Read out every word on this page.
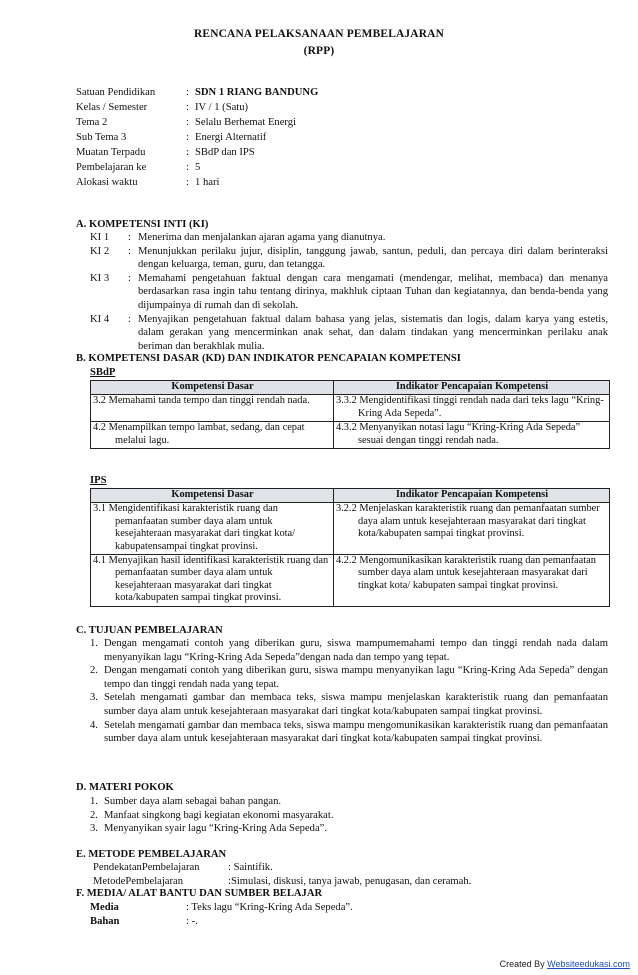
RENCANA PELAKSANAAN PEMBELAJARAN
(RPP)
Satuan Pendidikan	: SDN 1 RIANG BANDUNG
Kelas / Semester	: IV / 1 (Satu)
Tema 2	: Selalu Berhemat Energi
Sub Tema 3	: Energi Alternatif
Muatan Terpadu	: SBdP dan IPS
Pembelajaran ke	: 5
Alokasi waktu	: 1 hari
A. KOMPETENSI INTI (KI)
KI 1	: Menerima dan menjalankan ajaran agama yang dianutnya.
KI 2	: Menunjukkan perilaku jujur, disiplin, tanggung jawab, santun, peduli, dan percaya diri dalam berinteraksi dengan keluarga, teman, guru, dan tetangga.
KI 3	: Memahami pengetahuan faktual dengan cara mengamati (mendengar, melihat, membaca) dan menanya berdasarkan rasa ingin tahu tentang dirinya, makhluk ciptaan Tuhan dan kegiatannya, dan benda-benda yang dijumpainya di rumah dan di sekolah.
KI 4	: Menyajikan pengetahuan faktual dalam bahasa yang jelas, sistematis dan logis, dalam karya yang estetis, dalam gerakan yang mencerminkan anak sehat, dan dalam tindakan yang mencerminkan perilaku anak beriman dan berakhlak mulia.
B. KOMPETENSI DASAR (KD) DAN INDIKATOR PENCAPAIAN KOMPETENSI
SBdP
Kompetensi Dasar	Indikator Pencapaian Kompetensi
3.2 Memahami tanda tempo dan tinggi rendah nada.	3.3.2 Mengidentifikasi tinggi rendah nada dari teks lagu “Kring-Kring Ada Sepeda”.
4.2 Menampilkan tempo lambat, sedang, dan cepat melalui lagu.	4.3.2 Menyanyikan notasi lagu “Kring-Kring Ada Sepeda” sesuai dengan tinggi rendah nada.
IPS
Kompetensi Dasar	Indikator Pencapaian Kompetensi
3.1 Mengidentifikasi karakteristik ruang dan pemanfaatan sumber daya alam untuk kesejahteraan masyarakat dari tingkat kota/ kabupatensampai tingkat provinsi.	3.2.2 Menjelaskan karakteristik ruang dan pemanfaatan sumber daya alam untuk kesejahteraan masyarakat dari tingkat kota/kabupaten sampai tingkat provinsi.
4.1 Menyajikan hasil identifikasi karakteristik ruang dan pemanfaatan sumber daya alam untuk kesejahteraan masyarakat dari tingkat kota/kabupaten sampai tingkat provinsi.	4.2.2 Mengomunikasikan karakteristik ruang dan pemanfaatan sumber daya alam untuk kesejahteraan masyarakat dari tingkat kota/ kabupaten sampai tingkat provinsi.
C. TUJUAN PEMBELAJARAN
1. Dengan mengamati contoh yang diberikan guru, siswa mampumemahami tempo dan tinggi rendah nada dalam menyanyikan lagu “Kring-Kring Ada Sepeda”dengan nada dan tempo yang tepat.
2. Dengan mengamati contoh yang diberikan guru, siswa mampu menyanyikan lagu “Kring-Kring Ada Sepeda” dengan tempo dan tinggi rendah nada yang tepat.
3. Setelah mengamati gambar dan membaca teks, siswa mampu menjelaskan karakteristik ruang dan pemanfaatan sumber daya alam untuk kesejahteraan masyarakat dari tingkat kota/kabupaten sampai tingkat provinsi.
4. Setelah mengamati gambar dan membaca teks, siswa mampu mengomunikasikan karakteristik ruang dan pemanfaatan sumber daya alam untuk kesejahteraan masyarakat dari tingkat kota/kabupaten sampai tingkat provinsi.
D. MATERI POKOK
1. Sumber daya alam sebagai bahan pangan.
2. Manfaat singkong bagi kegiatan ekonomi masyarakat.
3. Menyanyikan syair lagu “Kring-Kring Ada Sepeda”.
E. METODE PEMBELAJARAN
PendekatanPembelajaran	: Saintifik.
MetodePembelajaran	:Simulasi, diskusi, tanya jawab, penugasan, dan ceramah.
F. MEDIA/ ALAT BANTU DAN SUMBER BELAJAR
Media	: Teks lagu “Kring-Kring Ada Sepeda”.
Bahan	: -.
Created By Websiteedukasi.com
